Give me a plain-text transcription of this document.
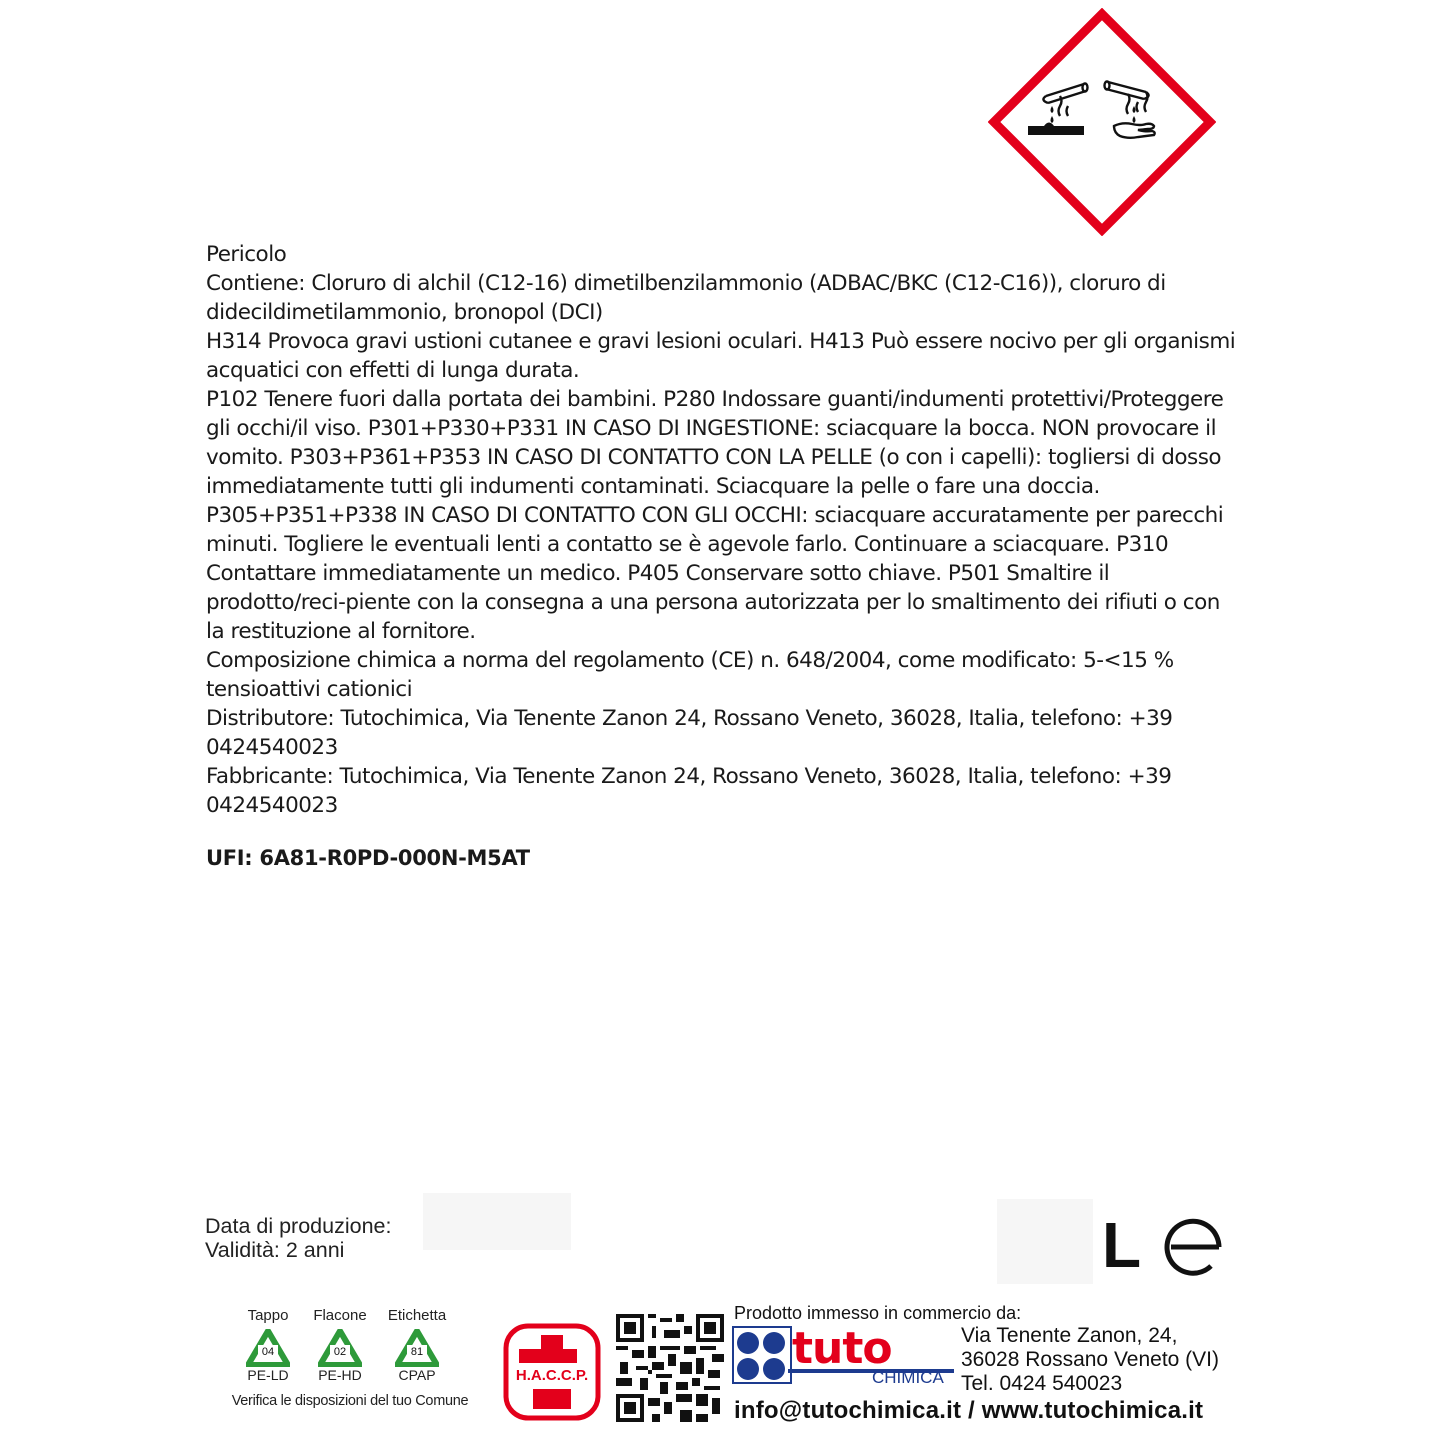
Pericolo

Contiene: Cloruro di alchil (C12-16) dimetilbenzilammonio (ADBAC/BKC (C12-C16)), cloruro di didecildimetilammonio, bronopol (DCI)

H314 Provoca gravi ustioni cutanee e gravi lesioni oculari. H413 Può essere nocivo per gli organismi acquatici con effetti di lunga durata.

P102 Tenere fuori dalla portata dei bambini. P280 Indossare guanti/indumenti protettivi/Proteggere gli occhi/il viso. P301+P330+P331 IN CASO DI INGESTIONE: sciacquare la bocca. NON provocare il vomito. P303+P361+P353 IN CASO DI CONTATTO CON LA PELLE (o con i capelli): togliersi di dosso immediatamente tutti gli indumenti contaminati. Sciacquare la pelle o fare una doccia.

P305+P351+P338 IN CASO DI CONTATTO CON GLI OCCHI: sciacquare accuratamente per parecchi minuti. Togliere le eventuali lenti a contatto se è agevole farlo. Continuare a sciacquare. P310 Contattare immediatamente un medico. P405 Conservare sotto chiave. P501 Smaltire il prodotto/reci-piente con la consegna a una persona autorizzata per lo smaltimento dei rifiuti o con la restituzione al fornitore.

Composizione chimica a norma del regolamento (CE) n. 648/2004, come modificato: 5-<15 % tensioattivi cationici

Distributore: Tutochimica, Via Tenente Zanon 24, Rossano Veneto, 36028, Italia, telefono: +39 0424540023

Fabbricante: Tutochimica, Via Tenente Zanon 24, Rossano Veneto, 36028, Italia, telefono: +39 0424540023

UFI: 6A81-R0PD-000N-M5AT
Data di produzione:
Validità: 2 anni	L
Tappo
04
PE-LD
Flacone
02
PE-HD
Etichetta
81
CPAP
Verifica le disposizioni del tuo Comune
H.A.C.C.P.
Prodotto immesso in commercio da:
tuto
CHIMICA
Via Tenente Zanon, 24,
36028 Rossano Veneto (VI)
Tel. 0424 540023
info@tutochimica.it / www.tutochimica.it
